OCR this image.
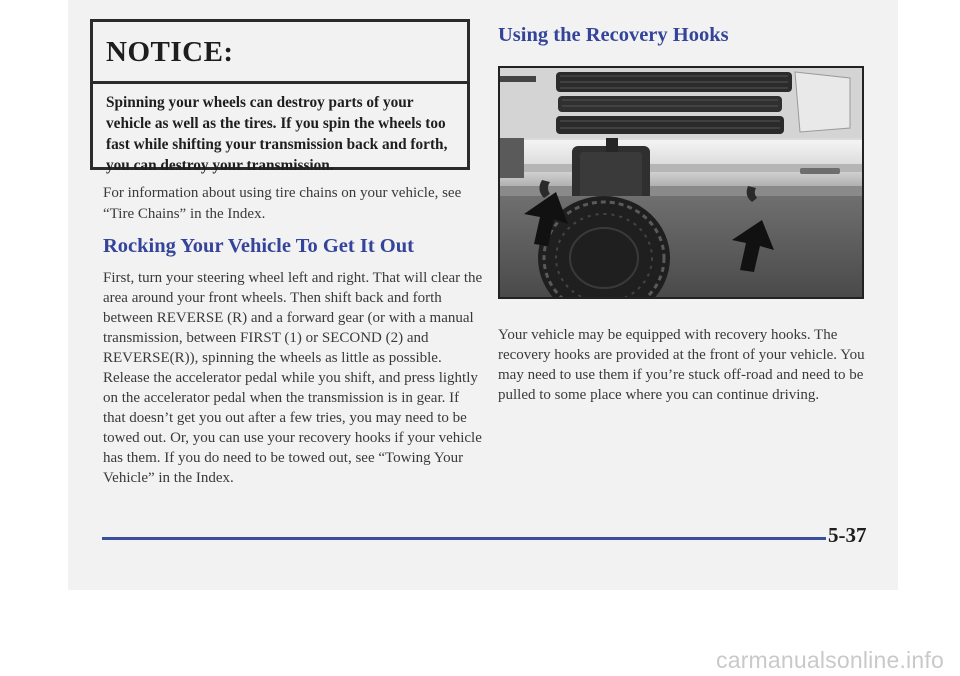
NOTICE:
Spinning your wheels can destroy parts of your vehicle as well as the tires. If you spin the wheels too fast while shifting your transmission back and forth, you can destroy your transmission.
For information about using tire chains on your vehicle, see “Tire Chains” in the Index.
Rocking Your Vehicle To Get It Out
First, turn your steering wheel left and right. That will clear the area around your front wheels. Then shift back and forth between REVERSE (R) and a forward gear (or with a manual transmission, between FIRST (1) or SECOND (2) and REVERSE(R)), spinning the wheels as little as possible. Release the accelerator pedal while you shift, and press lightly on the accelerator pedal when the transmission is in gear. If that doesn’t get you out after a few tries, you may need to be towed out. Or, you can use your recovery hooks if your vehicle has them. If you do need to be towed out, see “Towing Your Vehicle” in the Index.
Using the Recovery Hooks
Your vehicle may be equipped with recovery hooks. The recovery hooks are provided at the front of your vehicle. You may need to use them if you’re stuck off-road and need to be pulled to some place where you can continue driving.
5-37
carmanualsonline.info
